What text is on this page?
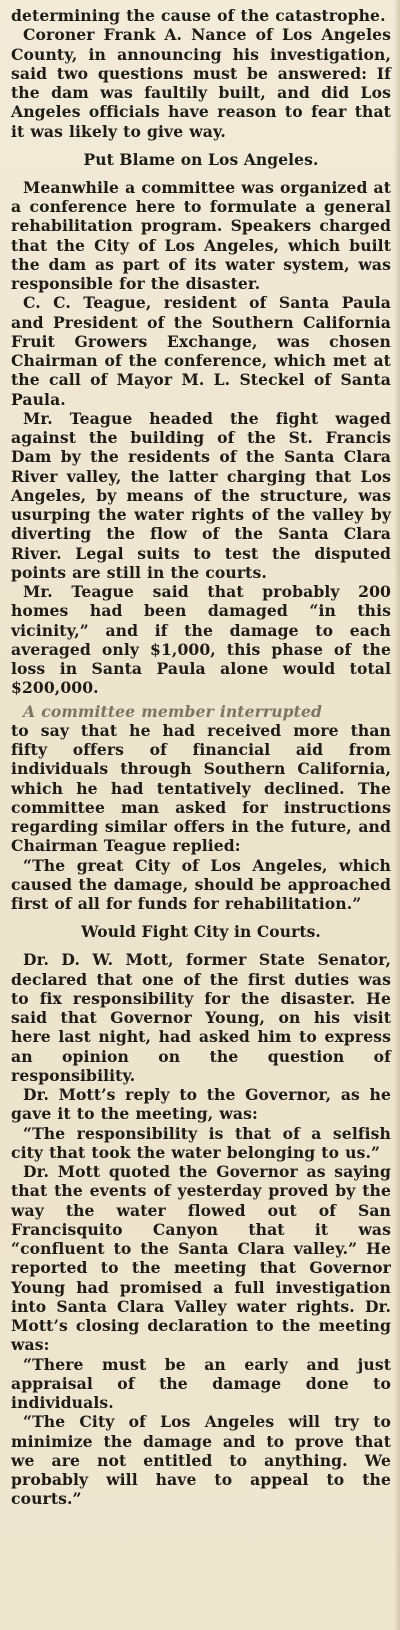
determining the cause of the catastrophe.

Coroner Frank A. Nance of Los Angeles County, in announcing his investigation, said two questions must be answered: If the dam was faultily built, and did Los Angeles officials have reason to fear that it was likely to give way.

Put Blame on Los Angeles.

Meanwhile a committee was organized at a conference here to formulate a general rehabilitation program. Speakers charged that the City of Los Angeles, which built the dam as part of its water system, was responsible for the disaster.

C. C. Teague, resident of Santa Paula and President of the Southern California Fruit Growers Exchange, was chosen Chairman of the conference, which met at the call of Mayor M. L. Steckel of Santa Paula.

Mr. Teague headed the fight waged against the building of the St. Francis Dam by the residents of the Santa Clara River valley, the latter charging that Los Angeles, by means of the structure, was usurping the water rights of the valley by diverting the flow of the Santa Clara River. Legal suits to test the disputed points are still in the courts.

Mr. Teague said that probably 200 homes had been damaged “in this vicinity,” and if the damage to each averaged only $1,000, this phase of the loss in Santa Paula alone would total $200,000.

A committee member interrupted

to say that he had received more than fifty offers of financial aid from individuals through Southern California, which he had tentatively declined. The committee man asked for instructions regarding similar offers in the future, and Chairman Teague replied:

“The great City of Los Angeles, which caused the damage, should be approached first of all for funds for rehabilitation.”

Would Fight City in Courts.

Dr. D. W. Mott, former State Senator, declared that one of the first duties was to fix responsibility for the disaster. He said that Governor Young, on his visit here last night, had asked him to express an opinion on the question of responsibility.

Dr. Mott’s reply to the Governor, as he gave it to the meeting, was:

“The responsibility is that of a selfish city that took the water belonging to us.”

Dr. Mott quoted the Governor as saying that the events of yesterday proved by the way the water flowed out of San Francisquito Canyon that it was “confluent to the Santa Clara valley.” He reported to the meeting that Governor Young had promised a full investigation into Santa Clara Valley water rights. Dr. Mott’s closing declaration to the meeting was:

“There must be an early and just appraisal of the damage done to individuals.

“The City of Los Angeles will try to minimize the damage and to prove that we are not entitled to anything. We probably will have to appeal to the courts.”
